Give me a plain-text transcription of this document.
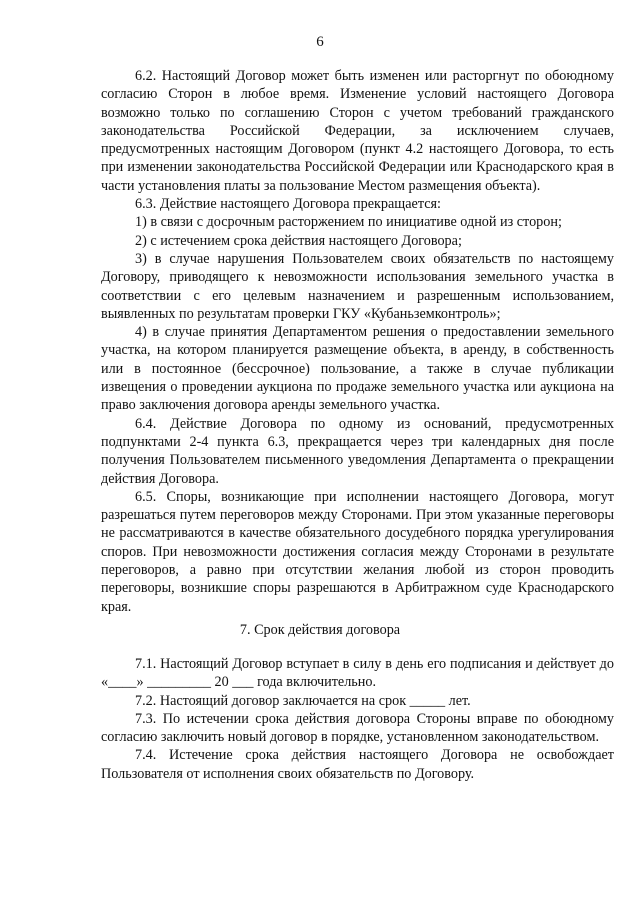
6

6.2. Настоящий Договор может быть изменен или расторгнут по обоюдному согласию Сторон в любое время. Изменение условий настоящего Договора возможно только по соглашению Сторон с учетом требований гражданского законодательства Российской Федерации, за исключением случаев, предусмотренных настоящим Договором (пункт 4.2 настоящего Договора, то есть при изменении законодательства Российской Федерации или Краснодарского края в части установления платы за пользование Местом размещения объекта).

6.3. Действие настоящего Договора прекращается:

1) в связи с досрочным расторжением по инициативе одной из сторон;

2) с истечением срока действия настоящего Договора;

3) в случае нарушения Пользователем своих обязательств по настоящему Договору, приводящего к невозможности использования земельного участка в соответствии с его целевым назначением и разрешенным использованием, выявленных по результатам проверки ГКУ «Кубаньземконтроль»;

4) в случае принятия Департаментом решения о предоставлении земельного участка, на котором планируется размещение объекта, в аренду, в собственность или в постоянное (бессрочное) пользование, а также в случае публикации извещения о проведении аукциона по продаже земельного участка или аукциона на право заключения договора аренды земельного участка.

6.4. Действие Договора по одному из оснований, предусмотренных подпунктами 2-4 пункта 6.3, прекращается через три календарных дня после получения Пользователем письменного уведомления Департамента о прекращении действия Договора.

6.5. Споры, возникающие при исполнении настоящего Договора, могут разрешаться путем переговоров между Сторонами. При этом указанные переговоры не рассматриваются в качестве обязательного досудебного порядка урегулирования споров. При невозможности достижения согласия между Сторонами в результате переговоров, а равно при отсутствии желания любой из сторон проводить переговоры, возникшие споры разрешаются в Арбитражном суде Краснодарского края.

7. Срок действия договора

7.1. Настоящий Договор вступает в силу в день его подписания и действует до «____» _________ 20 ___ года включительно.

7.2. Настоящий договор заключается на срок _____ лет.

7.3. По истечении срока действия договора Стороны вправе по обоюдному согласию заключить новый договор в порядке, установленном законодательством.

7.4. Истечение срока действия настоящего Договора не освобождает Пользователя от исполнения своих обязательств по Договору.
